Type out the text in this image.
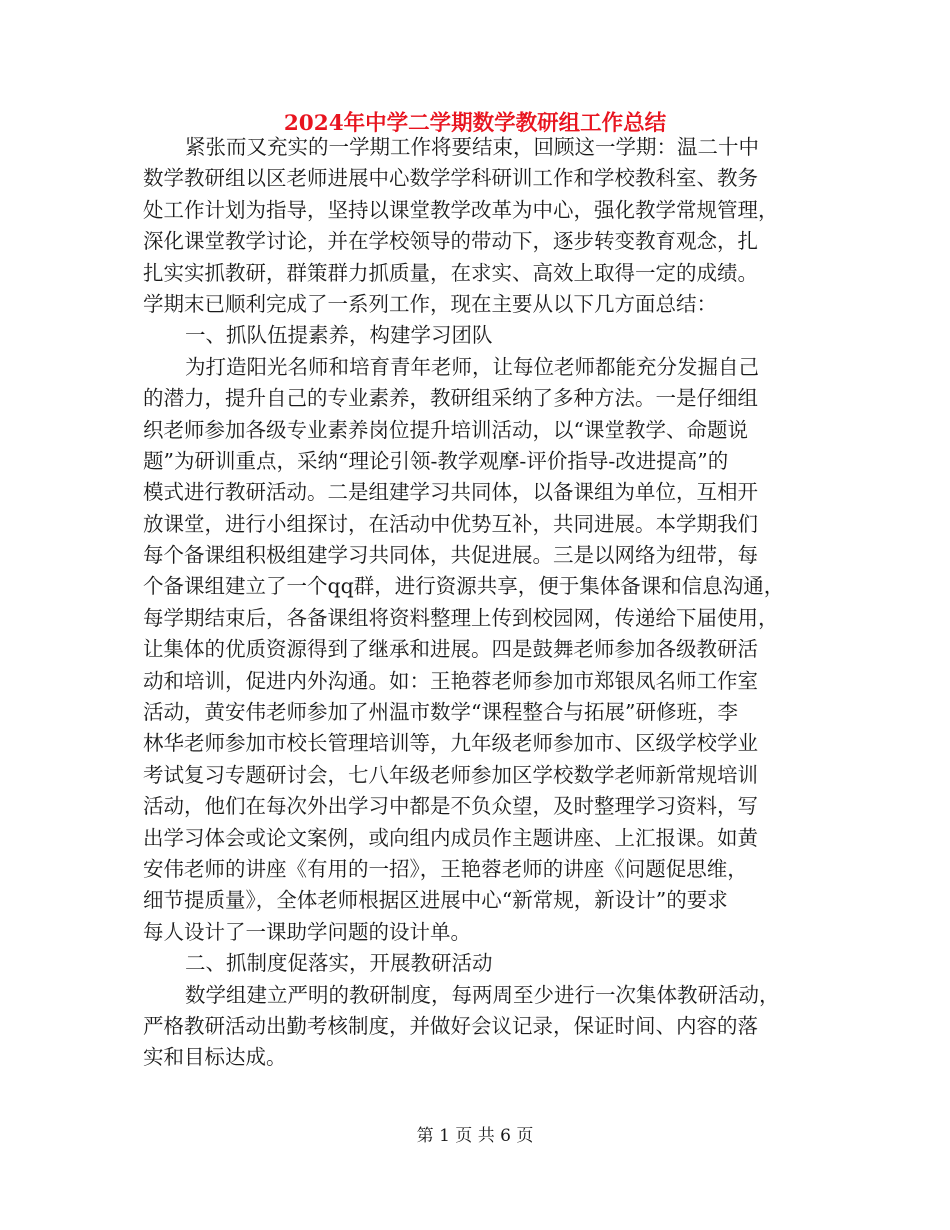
2024年中学二学期数学教研组工作总结
紧张而又充实的一学期工作将要结束，回顾这一学期：温二十中
数学教研组以区老师进展中心数学学科研训工作和学校教科室、教务
处工作计划为指导，坚持以课堂教学改革为中心，强化教学常规管理，
深化课堂教学讨论，并在学校领导的带动下，逐步转变教育观念，扎
扎实实抓教研，群策群力抓质量，在求实、高效上取得一定的成绩。
学期末已顺利完成了一系列工作，现在主要从以下几方面总结：
一、抓队伍提素养，构建学习团队
为打造阳光名师和培育青年老师，让每位老师都能充分发掘自己
的潜力，提升自己的专业素养，教研组采纳了多种方法。一是仔细组
织老师参加各级专业素养岗位提升培训活动，以“课堂教学、命题说
题”为研训重点，采纳“理论引领-教学观摩-评价指导-改进提高”的
模式进行教研活动。二是组建学习共同体，以备课组为单位，互相开
放课堂，进行小组探讨，在活动中优势互补，共同进展。本学期我们
每个备课组积极组建学习共同体，共促进展。三是以网络为纽带，每
个备课组建立了一个qq群，进行资源共享，便于集体备课和信息沟通，
每学期结束后，各备课组将资料整理上传到校园网，传递给下届使用，
让集体的优质资源得到了继承和进展。四是鼓舞老师参加各级教研活
动和培训，促进内外沟通。如：王艳蓉老师参加市郑银凤名师工作室
活动，黄安伟老师参加了州温市数学“课程整合与拓展”研修班，李
林华老师参加市校长管理培训等，九年级老师参加市、区级学校学业
考试复习专题研讨会，七八年级老师参加区学校数学老师新常规培训
活动，他们在每次外出学习中都是不负众望，及时整理学习资料，写
出学习体会或论文案例，或向组内成员作主题讲座、上汇报课。如黄
安伟老师的讲座《有用的一招》，王艳蓉老师的讲座《问题促思维，
细节提质量》，全体老师根据区进展中心“新常规，新设计”的要求
每人设计了一课助学问题的设计单。
二、抓制度促落实，开展教研活动
数学组建立严明的教研制度，每两周至少进行一次集体教研活动，
严格教研活动出勤考核制度，并做好会议记录，保证时间、内容的落
实和目标达成。
第 1 页 共 6 页
